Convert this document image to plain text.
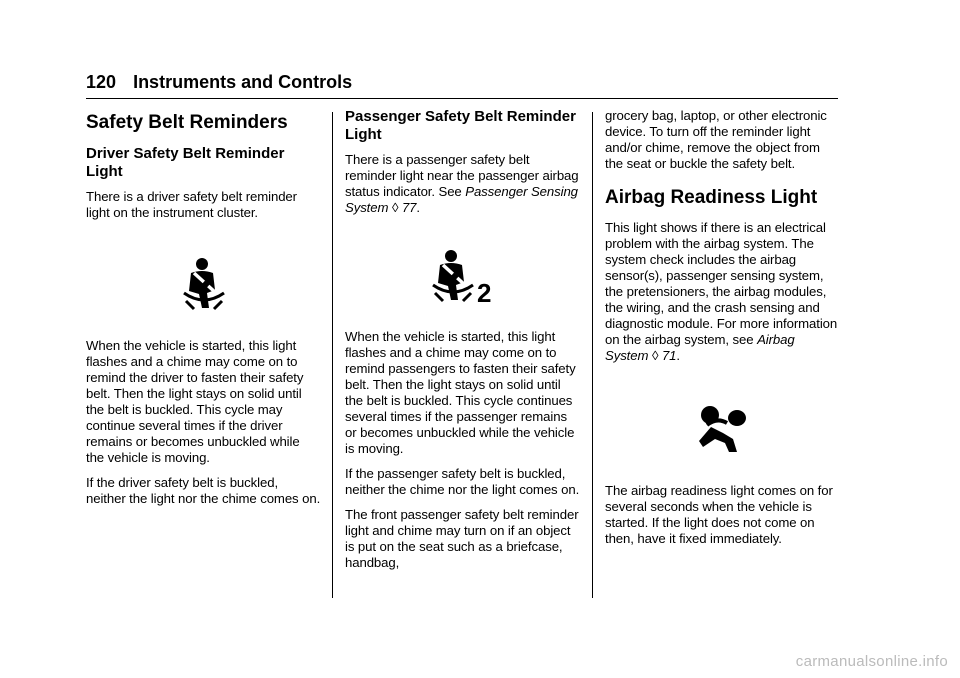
120 Instruments and Controls
Safety Belt Reminders
Driver Safety Belt Reminder Light

There is a driver safety belt reminder light on the instrument cluster.

When the vehicle is started, this light flashes and a chime may come on to remind the driver to fasten their safety belt. Then the light stays on solid until the belt is buckled. This cycle may continue several times if the driver remains or becomes unbuckled while the vehicle is moving.

If the driver safety belt is buckled, neither the light nor the chime comes on.

Passenger Safety Belt Reminder Light

There is a passenger safety belt reminder light near the passenger airbag status indicator. See Passenger Sensing System ◊ 77.

2

When the vehicle is started, this light flashes and a chime may come on to remind passengers to fasten their safety belt. Then the light stays on solid until the belt is buckled. This cycle continues several times if the passenger remains or becomes unbuckled while the vehicle is moving.

If the passenger safety belt is buckled, neither the chime nor the light comes on.

The front passenger safety belt reminder light and chime may turn on if an object is put on the seat such as a briefcase, handbag,

grocery bag, laptop, or other electronic device. To turn off the reminder light and/or chime, remove the object from the seat or buckle the safety belt.

Airbag Readiness Light

This light shows if there is an electrical problem with the airbag system. The system check includes the airbag sensor(s), passenger sensing system, the pretensioners, the airbag modules, the wiring, and the crash sensing and diagnostic module. For more information on the airbag system, see Airbag System ◊ 71.

The airbag readiness light comes on for several seconds when the vehicle is started. If the light does not come on then, have it fixed immediately.

carmanualsonline.info
